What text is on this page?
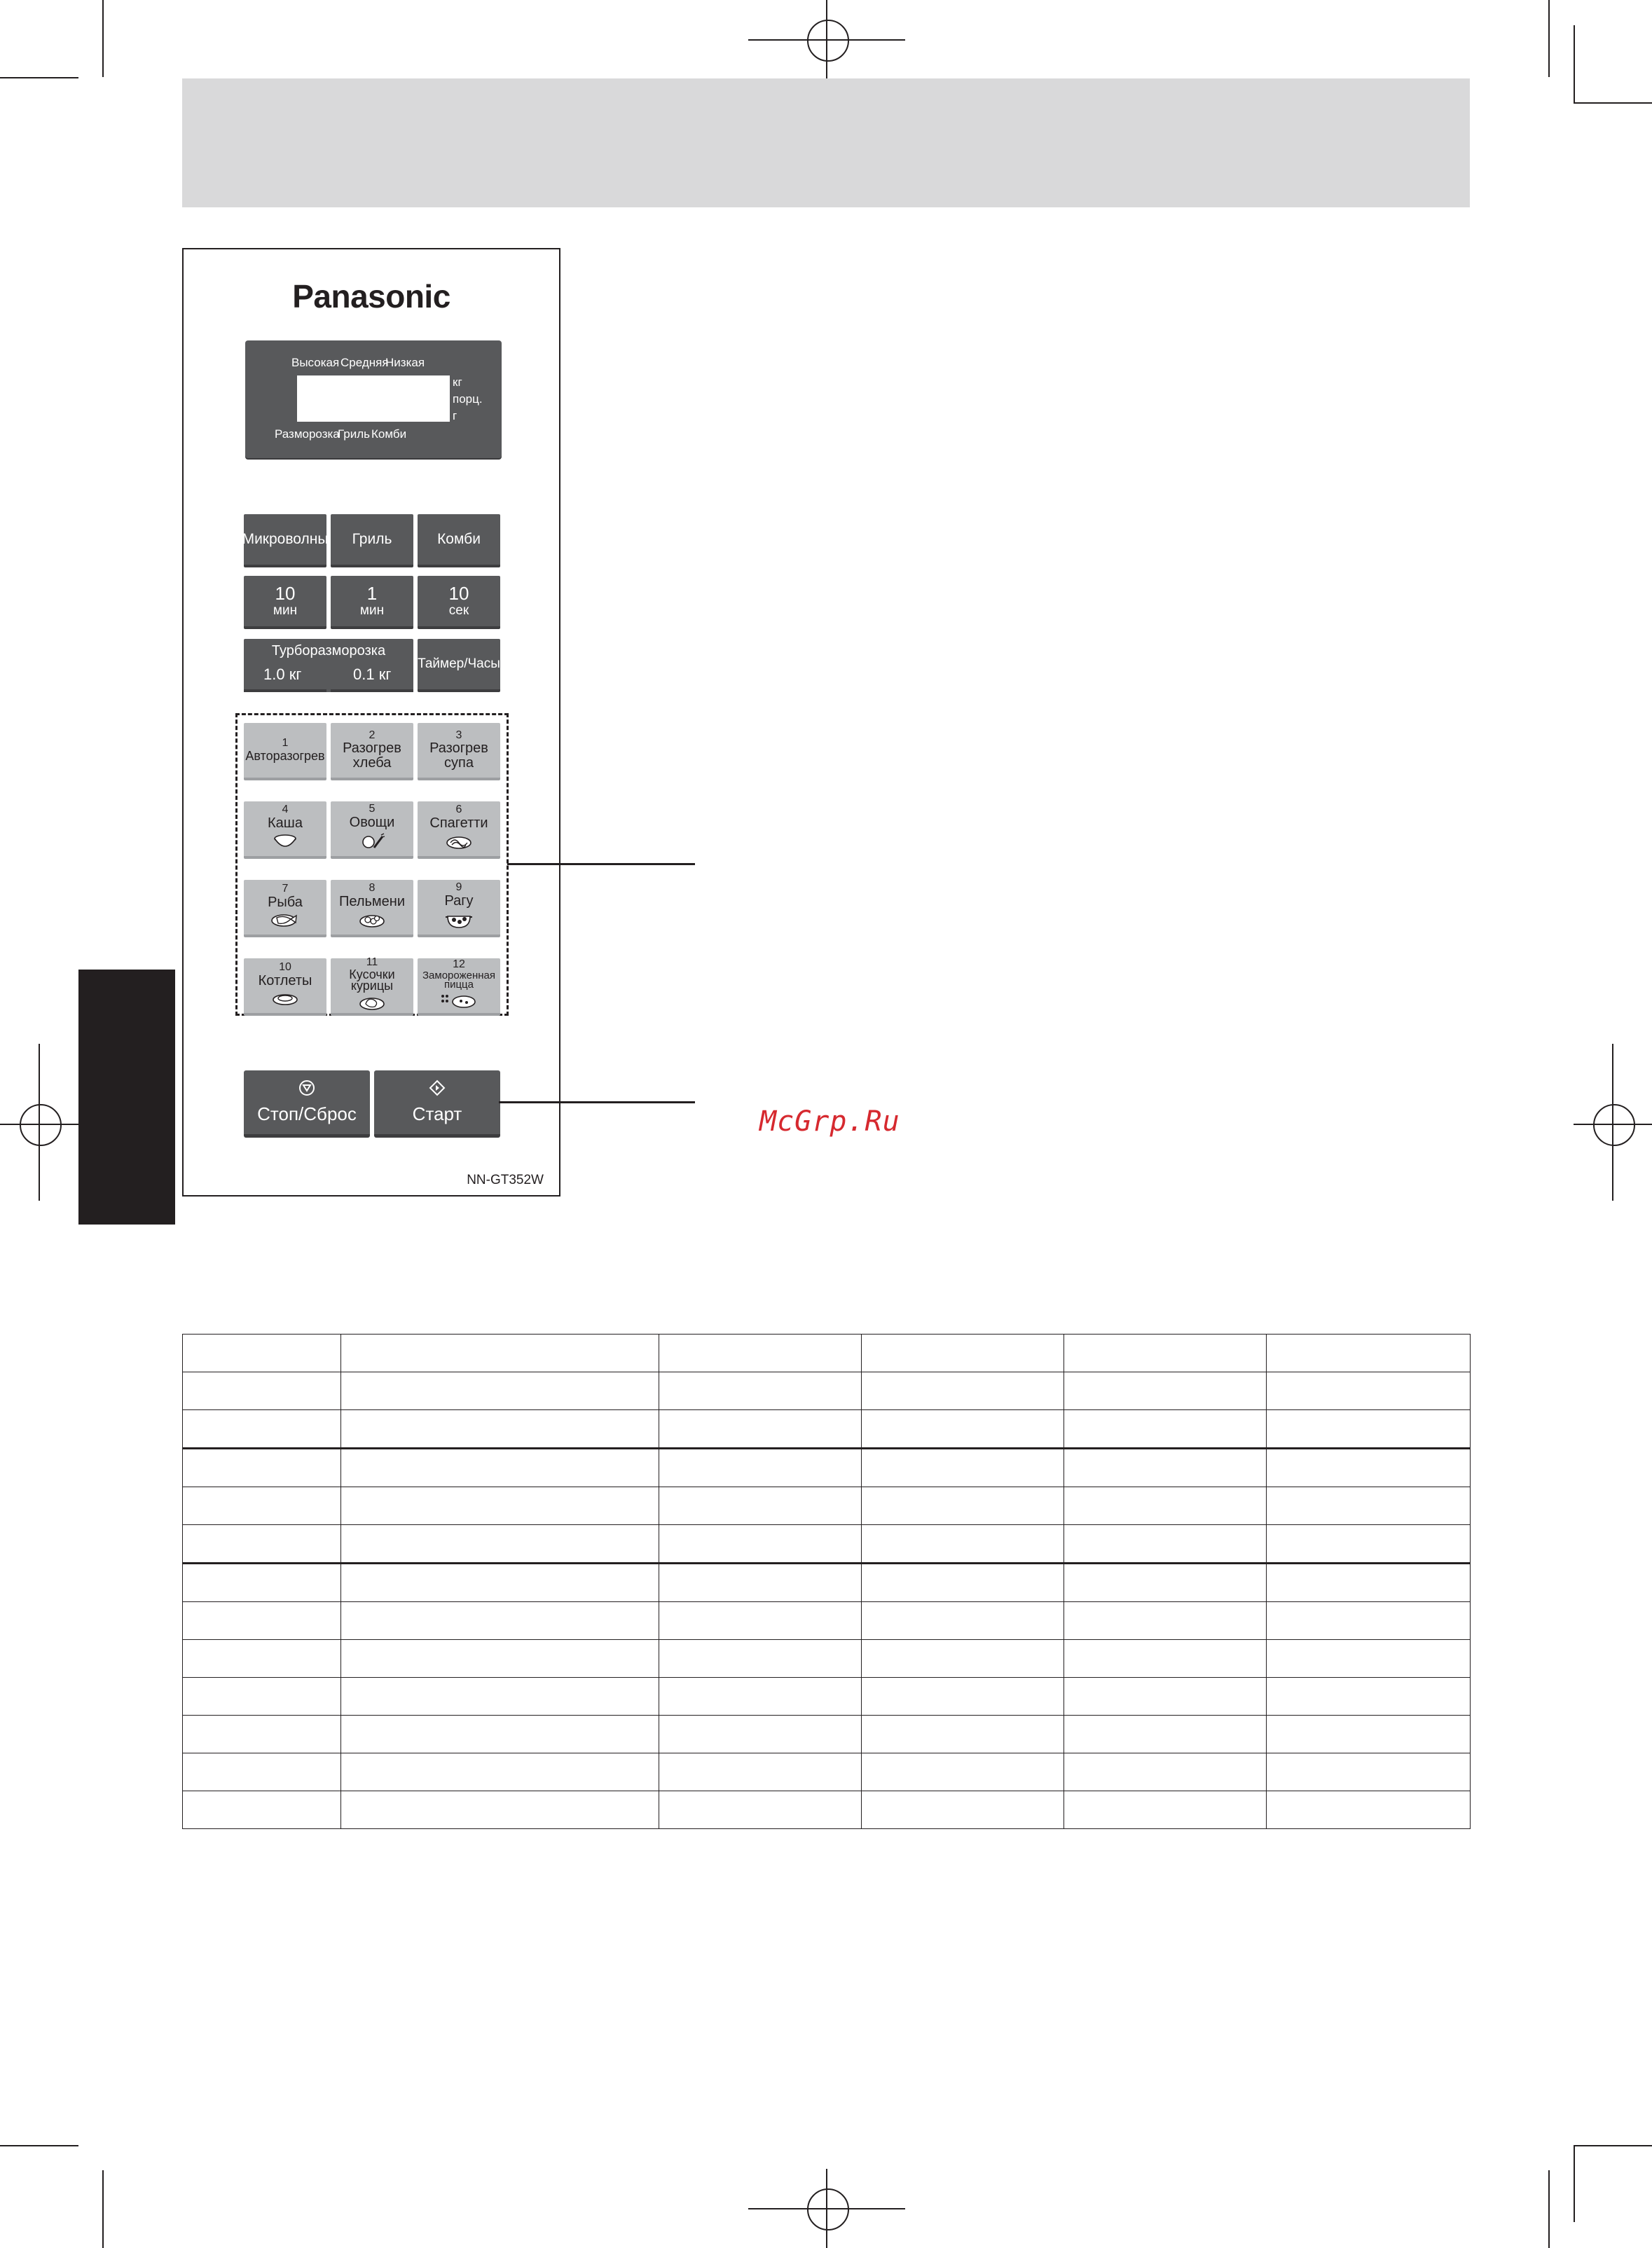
Panasonic
Высокая Средняя
Низкая
кг
порц.
г
Разморозка
Гриль Комби
Микроволны Гриль	Комби
10
мин
1
мин
10
сек
Турборазморозка
1.0 кг	0.1 кг
Таймер/Часы
Стоп/Сброс	Старт
NN-GT352W
1
Авторазогрев
2
Разогрев
хлеба
3
Разогрев
супа
4
Каша
5
Овощи
6
Спагетти
7
Рыба
8
Пельмени
9
Рагу
10
Котлеты
11
Кусочки
курицы
12
Замороженная
пицца
McGrp.Ru
